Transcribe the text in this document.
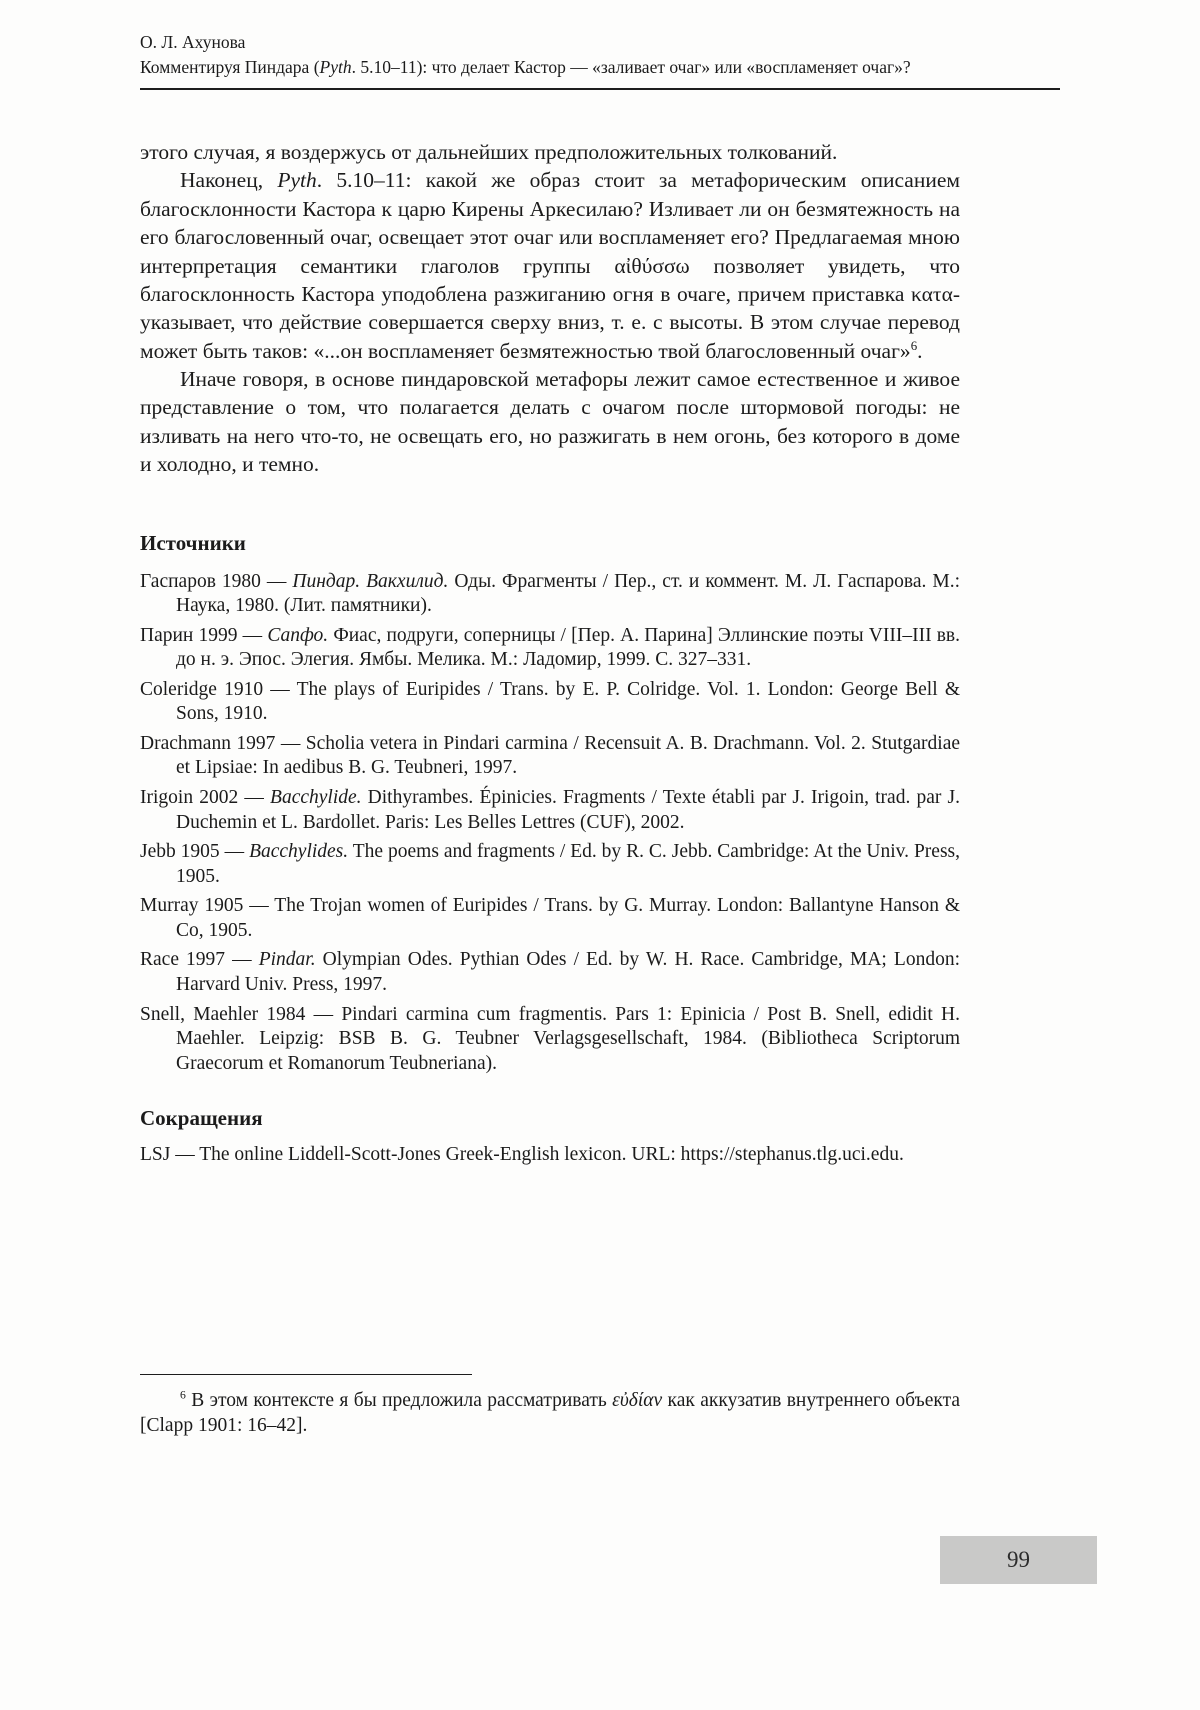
О. Л. Ахунова
Комментируя Пиндара (Pyth. 5.10–11): что делает Кастор — «заливает очаг» или «воспламеняет очаг»?

этого случая, я воздержусь от дальнейших предположительных толкований.

Наконец, Pyth. 5.10–11: какой же образ стоит за метафорическим описанием благосклонности Кастора к царю Кирены Аркесилаю? Изливает ли он безмятежность на его благословенный очаг, освещает этот очаг или воспламеняет его? Предлагаемая мною интерпретация семантики глаголов группы αἰθύσσω позволяет увидеть, что благосклонность Кастора уподоблена разжиганию огня в очаге, причем приставка κατα- указывает, что действие совершается сверху вниз, т. е. с высоты. В этом случае перевод может быть таков: «...он воспламеняет безмятежностью твой благословенный очаг»$^6$.

Иначе говоря, в основе пиндаровской метафоры лежит самое естественное и живое представление о том, что полагается делать с очагом после штормовой погоды: не изливать на него что-то, не освещать его, но разжигать в нем огонь, без которого в доме и холодно, и темно.

Источники

Гаспаров 1980 — Пиндар. Вакхилид. Оды. Фрагменты / Пер., ст. и коммент. М. Л. Гаспарова. М.: Наука, 1980. (Лит. памятники).

Парин 1999 — Сапфо. Фиас, подруги, соперницы / [Пер. А. Парина] Эллинские поэты VIII–III вв. до н. э. Эпос. Элегия. Ямбы. Мелика. М.: Ладомир, 1999. С. 327–331.

Coleridge 1910 — The plays of Euripides / Trans. by E. P. Colridge. Vol. 1. London: George Bell & Sons, 1910.

Drachmann 1997 — Scholia vetera in Pindari carmina / Recensuit A. B. Drachmann. Vol. 2. Stutgardiae et Lipsiae: In aedibus B. G. Teubneri, 1997.

Irigoin 2002 — Bacchylide. Dithyrambes. Épinicies. Fragments / Texte établi par J. Irigoin, trad. par J. Duchemin et L. Bardollet. Paris: Les Belles Lettres (CUF), 2002.

Jebb 1905 — Bacchylides. The poems and fragments / Ed. by R. C. Jebb. Cambridge: At the Univ. Press, 1905.

Murray 1905 — The Trojan women of Euripides / Trans. by G. Murray. London: Ballantyne Hanson & Co, 1905.

Race 1997 — Pindar. Olympian Odes. Pythian Odes / Ed. by W. H. Race. Cambridge, MA; London: Harvard Univ. Press, 1997.

Snell, Maehler 1984 — Pindari carmina cum fragmentis. Pars 1: Epinicia / Post B. Snell, edidit H. Maehler. Leipzig: BSB B. G. Teubner Verlagsgesellschaft, 1984. (Bibliotheca Scriptorum Graecorum et Romanorum Teubneriana).

Сокращения

LSJ — The online Liddell-Scott-Jones Greek-English lexicon. URL: https://stephanus.tlg.uci.edu.

$^6$ В этом контексте я бы предложила рассматривать εὐδίαν как аккузатив внутреннего объекта [Clapp 1901: 16–42].

99
